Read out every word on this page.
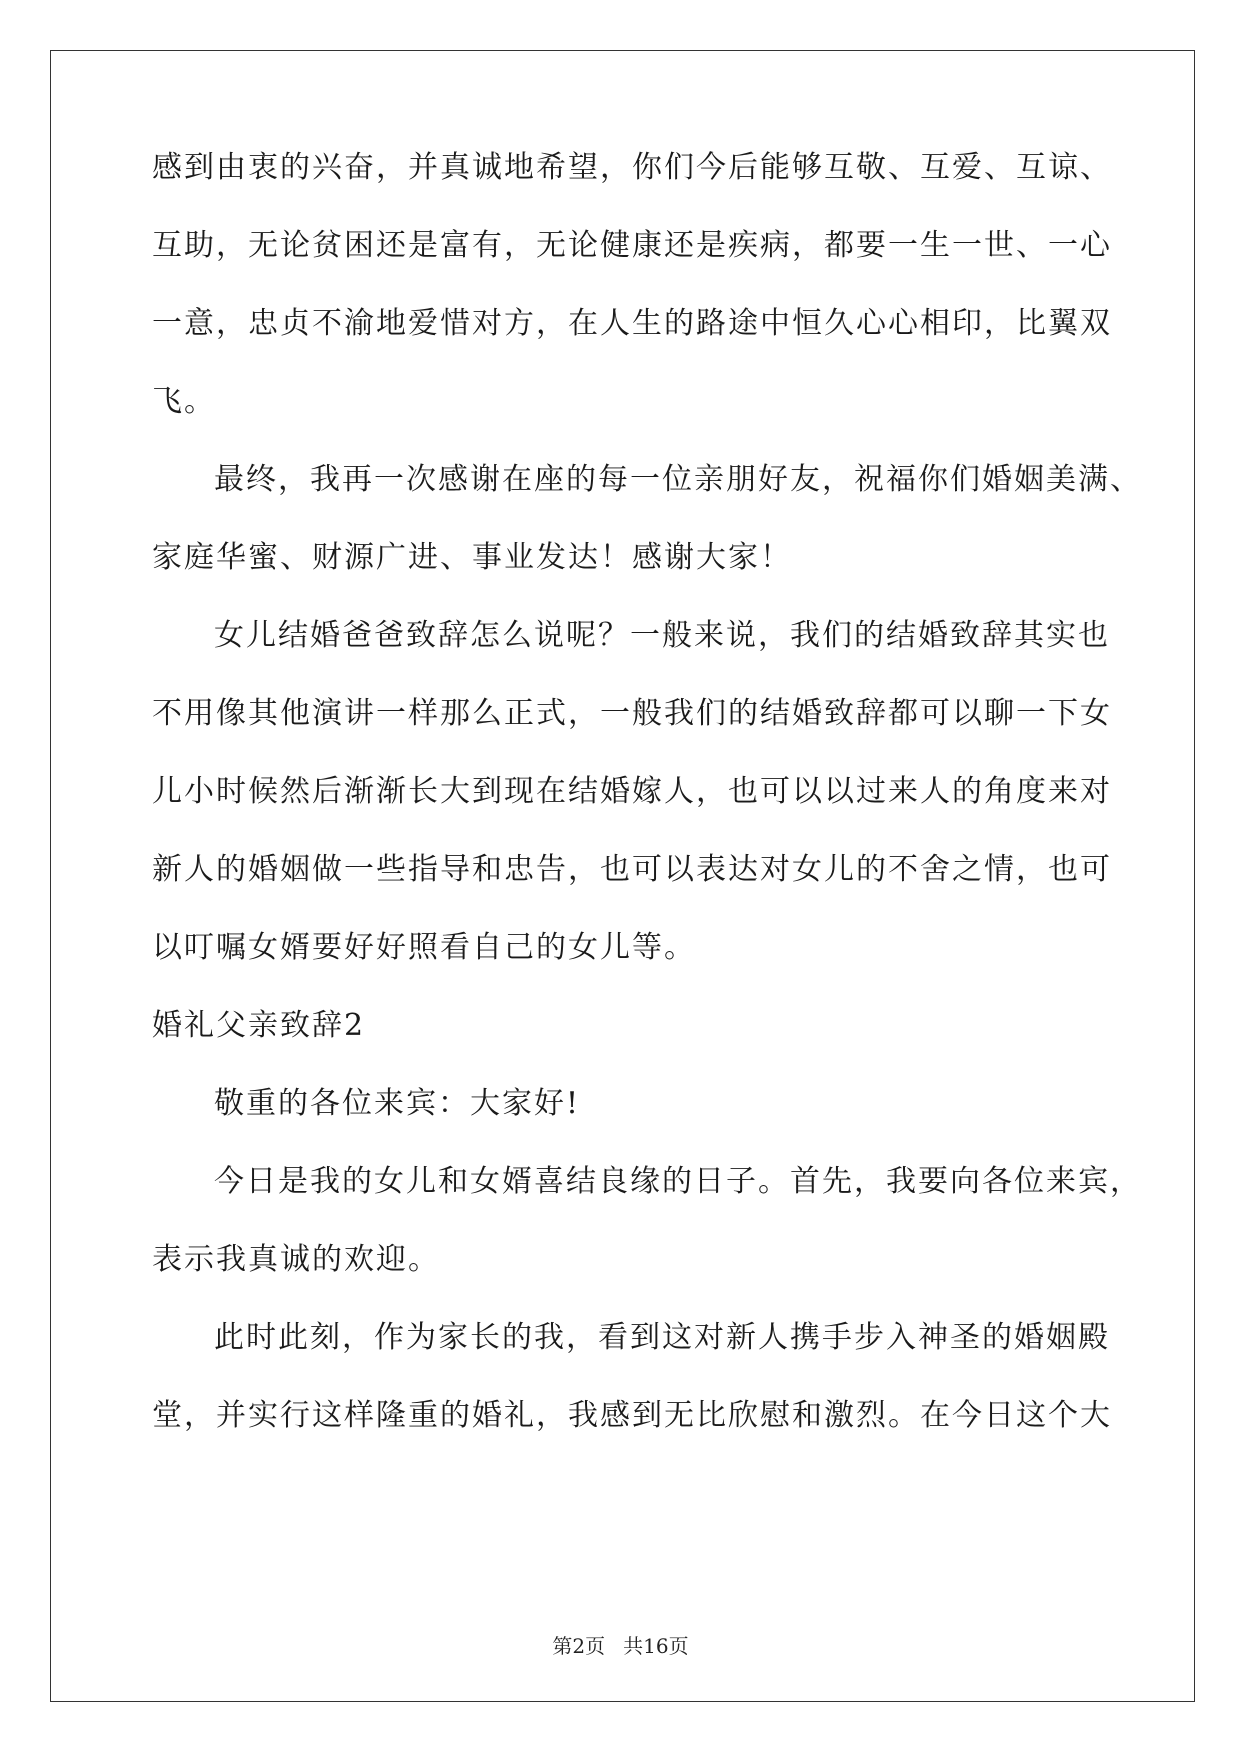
感到由衷的兴奋，并真诚地希望，你们今后能够互敬、互爱、互谅、
互助，无论贫困还是富有，无论健康还是疾病，都要一生一世、一心
一意，忠贞不渝地爱惜对方，在人生的路途中恒久心心相印，比翼双
飞。
最终，我再一次感谢在座的每一位亲朋好友，祝福你们婚姻美满、
家庭华蜜、财源广进、事业发达！感谢大家！
女儿结婚爸爸致辞怎么说呢？一般来说，我们的结婚致辞其实也
不用像其他演讲一样那么正式，一般我们的结婚致辞都可以聊一下女
儿小时候然后渐渐长大到现在结婚嫁人，也可以以过来人的角度来对
新人的婚姻做一些指导和忠告，也可以表达对女儿的不舍之情，也可
以叮嘱女婿要好好照看自己的女儿等。
婚礼父亲致辞2
敬重的各位来宾：大家好!
今日是我的女儿和女婿喜结良缘的日子。首先，我要向各位来宾，
表示我真诚的欢迎。
此时此刻，作为家长的我，看到这对新人携手步入神圣的婚姻殿
堂，并实行这样隆重的婚礼，我感到无比欣慰和激烈。在今日这个大
第2页 共16页
